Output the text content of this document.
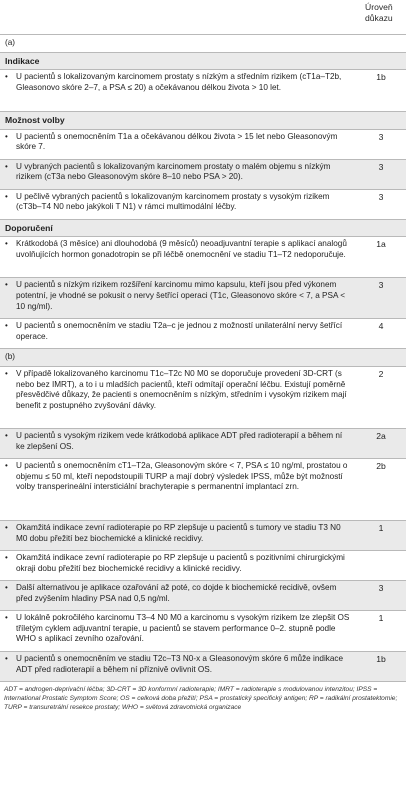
Úroveň důkazu
(a)
Indikace
• U pacientů s lokalizovaným karcinomem prostaty s nízkým a středním rizikem (cT1a–T2b, Gleasonovo skóre 2–7, a PSA ≤ 20) a očekávanou délkou života > 10 let.
1b
Možnost volby
• U pacientů s onemocněním T1a a očekávanou délkou života > 15 let nebo Gleasonovým skóre 7.
3
• U vybraných pacientů s lokalizovaným karcinomem prostaty o malém objemu s nízkým rizikem (cT3a nebo Gleasonovým skóre 8–10 nebo PSA > 20).
3
• U pečlivě vybraných pacientů s lokalizovaným karcinomem prostaty s vysokým rizikem (cT3b–T4 N0 nebo jakýkoli T N1) v rámci multimodální léčby.
3
Doporučení
• Krátkodobá (3 měsíce) ani dlouhodobá (9 měsíců) neoadjuvantní terapie s aplikací analogů uvolňujících hormon gonadotropin se při léčbě onemocnění ve stadiu T1–T2 nedoporučuje.
1a
• U pacientů s nízkým rizikem rozšíření karcinomu mimo kapsulu, kteří jsou před výkonem potentní, je vhodné se pokusit o nervy šetřící operaci (T1c, Gleasonovo skóre < 7, a PSA < 10 ng/ml).
3
• U pacientů s onemocněním ve stadiu T2a–c je jednou z možností unilaterální nervy šetřící operace.
4
(b)
• V případě lokalizovaného karcinomu T1c–T2c N0 M0 se doporučuje provedení 3D-CRT (s nebo bez IMRT), a to i u mladších pacientů, kteří odmítají operační léčbu. Existují poměrně přesvědčivé důkazy, že pacienti s onemocněním s nízkým, středním i vysokým rizikem mají benefit z postupného zvyšování dávky.
2
• U pacientů s vysokým rizikem vede krátkodobá aplikace ADT před radioterapií a během ní ke zlepšení OS.
2a
• U pacientů s onemocněním cT1–T2a, Gleasonovým skóre < 7, PSA ≤ 10 ng/ml, prostatou o objemu ≤ 50 ml, kteří nepodstoupili TURP a mají dobrý výsledek IPSS, může být možností volby transperineální intersticiální brachyterapie s permanentní implantací zrn.
2b
• Okamžitá indikace zevní radioterapie po RP zlepšuje u pacientů s tumory ve stadiu T3 N0 M0 dobu přežití bez biochemické a klinické recidivy.
1
• Okamžitá indikace zevní radioterapie po RP zlepšuje u pacientů s pozitivními chirurgickými okraji dobu přežití bez biochemické recidivy a klinické recidivy.
• Další alternativou je aplikace ozařování až poté, co dojde k biochemické recidivě, ovšem před zvýšením hladiny PSA nad 0,5 ng/ml.
3
• U lokálně pokročilého karcinomu T3–4 N0 M0 a karcinomu s vysokým rizikem lze zlepšit OS tříletým cyklem adjuvantní terapie, u pacientů se stavem performance 0–2. stupně podle WHO s aplikací zevního ozařování.
1
• U pacientů s onemocněním ve stadiu T2c–T3 N0-x a Gleasonovým skóre 6 může indikace ADT před radioterapií a během ní příznivě ovlivnit OS.
1b
ADT = androgen-deprivační léčba; 3D-CRT = 3D konformní radioterapie; IMRT = radioterapie s modulovanou intenzitou; IPSS = International Prostatic Symptom Score; OS = celková doba přežití; PSA = prostatický specifický antigen; RP = radikální prostatektomie; TURP = transuretrální resekce prostaty; WHO = světová zdravotnická organizace
